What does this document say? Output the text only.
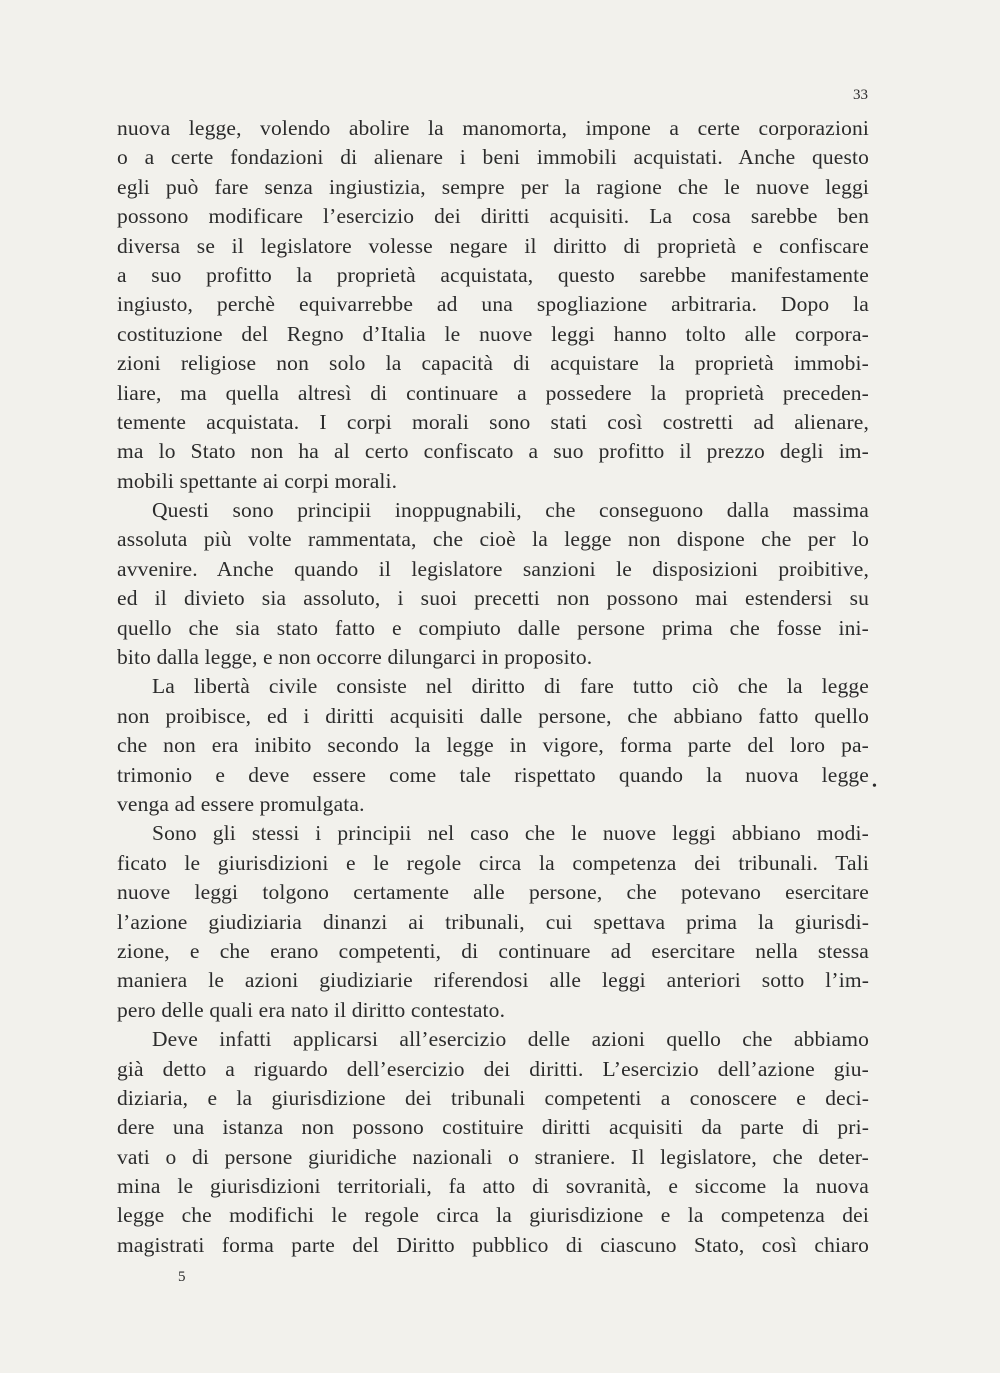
33
nuova legge, volendo abolire la manomorta, impone a certe corporazioni
o a certe fondazioni di alienare i beni immobili acquistati. Anche questo
egli può fare senza ingiustizia, sempre per la ragione che le nuove leggi
possono modificare l’esercizio dei diritti acquisiti. La cosa sarebbe ben
diversa se il legislatore volesse negare il diritto di proprietà e confiscare
a suo profitto la proprietà acquistata, questo sarebbe manifestamente
ingiusto, perchè equivarrebbe ad una spogliazione arbitraria. Dopo la
costituzione del Regno d’Italia le nuove leggi hanno tolto alle corpora-
zioni religiose non solo la capacità di acquistare la proprietà immobi-
liare, ma quella altresì di continuare a possedere la proprietà preceden-
temente acquistata. I corpi morali sono stati così costretti ad alienare,
ma lo Stato non ha al certo confiscato a suo profitto il prezzo degli im-
mobili spettante ai corpi morali.
Questi sono principii inoppugnabili, che conseguono dalla massima
assoluta più volte rammentata, che cioè la legge non dispone che per lo
avvenire. Anche quando il legislatore sanzioni le disposizioni proibitive,
ed il divieto sia assoluto, i suoi precetti non possono mai estendersi su
quello che sia stato fatto e compiuto dalle persone prima che fosse ini-
bito dalla legge, e non occorre dilungarci in proposito.
La libertà civile consiste nel diritto di fare tutto ciò che la legge
non proibisce, ed i diritti acquisiti dalle persone, che abbiano fatto quello
che non era inibito secondo la legge in vigore, forma parte del loro pa-
trimonio e deve essere come tale rispettato quando la nuova legge
venga ad essere promulgata.
Sono gli stessi i principii nel caso che le nuove leggi abbiano modi-
ficato le giurisdizioni e le regole circa la competenza dei tribunali. Tali
nuove leggi tolgono certamente alle persone, che potevano esercitare
l’azione giudiziaria dinanzi ai tribunali, cui spettava prima la giurisdi-
zione, e che erano competenti, di continuare ad esercitare nella stessa
maniera le azioni giudiziarie riferendosi alle leggi anteriori sotto l’im-
pero delle quali era nato il diritto contestato.
Deve infatti applicarsi all’esercizio delle azioni quello che abbiamo
già detto a riguardo dell’esercizio dei diritti. L’esercizio dell’azione giu-
diziaria, e la giurisdizione dei tribunali competenti a conoscere e deci-
dere una istanza non possono costituire diritti acquisiti da parte di pri-
vati o di persone giuridiche nazionali o straniere. Il legislatore, che deter-
mina le giurisdizioni territoriali, fa atto di sovranità, e siccome la nuova
legge che modifichi le regole circa la giurisdizione e la competenza dei
magistrati forma parte del Diritto pubblico di ciascuno Stato, così chiaro
•
5
